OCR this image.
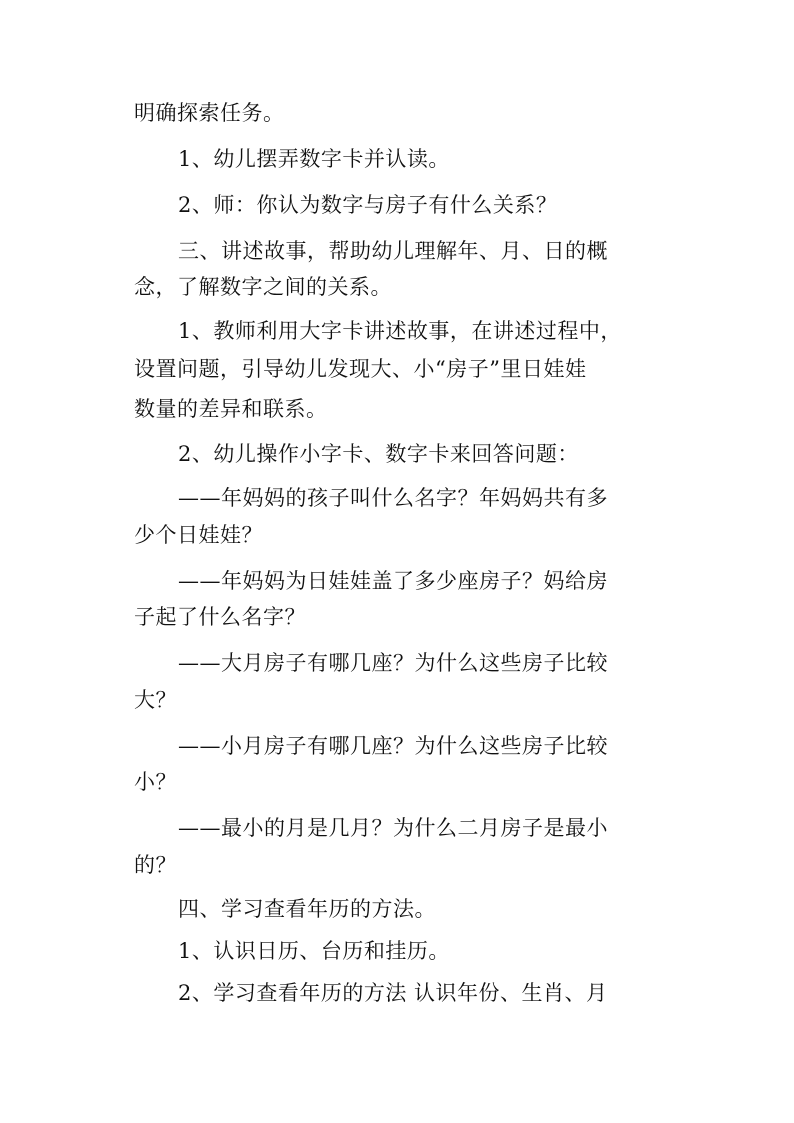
明确探索任务。
1、幼儿摆弄数字卡并认读。
2、师：你认为数字与房子有什么关系？
三、讲述故事，帮助幼儿理解年、月、日的概
念，了解数字之间的关系。
1、教师利用大字卡讲述故事，在讲述过程中，
设置问题，引导幼儿发现大、小“房子”里日娃娃
数量的差异和联系。
2、幼儿操作小字卡、数字卡来回答问题：
——年妈妈的孩子叫什么名字？年妈妈共有多
少个日娃娃？
——年妈妈为日娃娃盖了多少座房子？妈给房
子起了什么名字？
——大月房子有哪几座？为什么这些房子比较
大？
——小月房子有哪几座？为什么这些房子比较
小？
——最小的月是几月？为什么二月房子是最小
的？
四、学习查看年历的方法。
1、认识日历、台历和挂历。
2、学习查看年历的方法 认识年份、生肖、月
